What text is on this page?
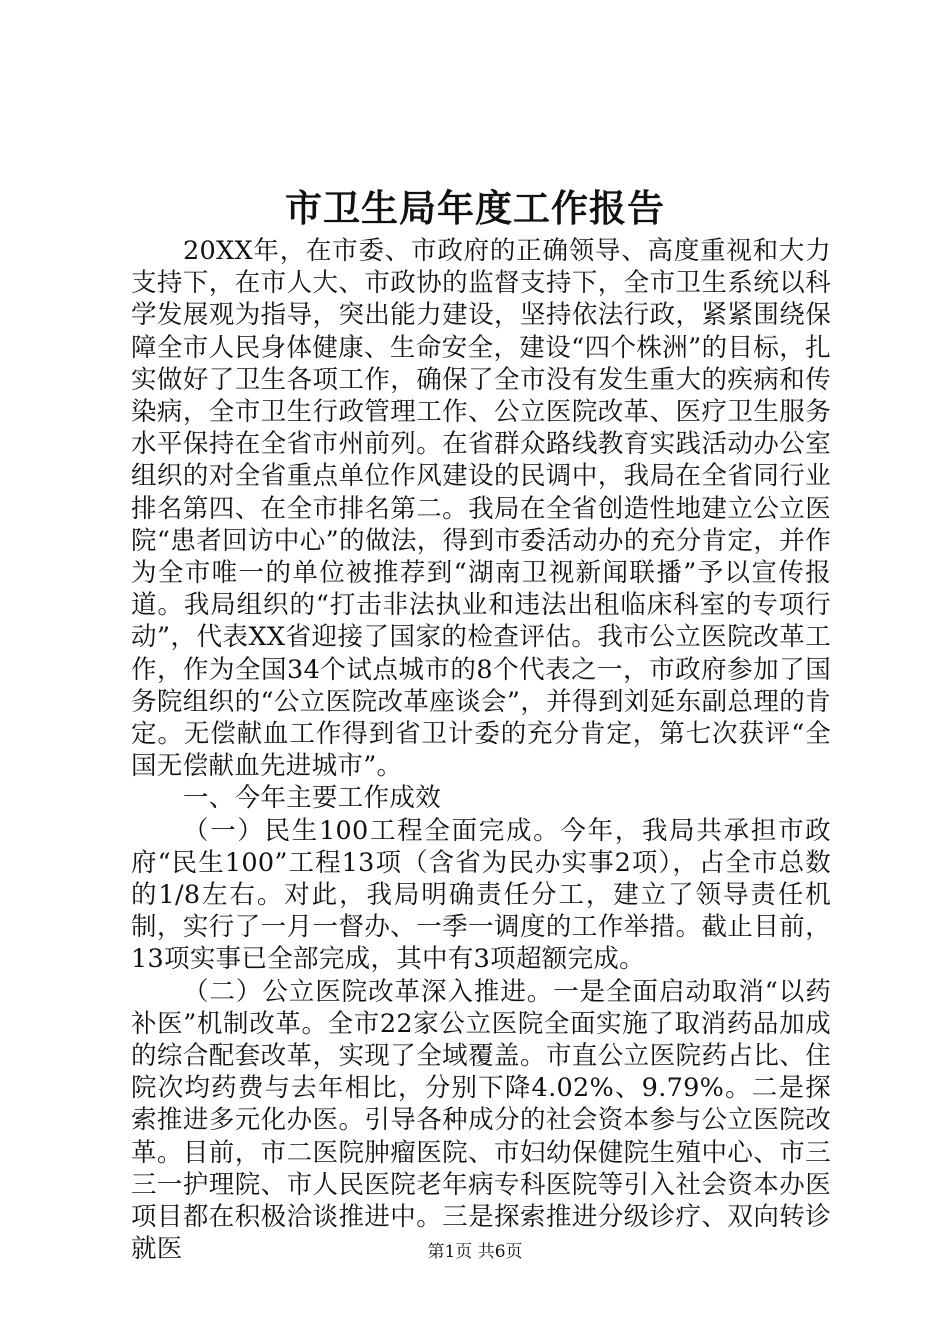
市卫生局年度工作报告

20XX年，在市委、市政府的正确领导、高度重视和大力支持下，在市人大、市政协的监督支持下，全市卫生系统以科学发展观为指导，突出能力建设，坚持依法行政，紧紧围绕保障全市人民身体健康、生命安全，建设“四个株洲”的目标，扎实做好了卫生各项工作，确保了全市没有发生重大的疾病和传染病，全市卫生行政管理工作、公立医院改革、医疗卫生服务水平保持在全省市州前列。在省群众路线教育实践活动办公室组织的对全省重点单位作风建设的民调中，我局在全省同行业排名第四、在全市排名第二。我局在全省创造性地建立公立医院“患者回访中心”的做法，得到市委活动办的充分肯定，并作为全市唯一的单位被推荐到“湖南卫视新闻联播”予以宣传报道。我局组织的“打击非法执业和违法出租临床科室的专项行动”，代表XX省迎接了国家的检查评估。我市公立医院改革工作，作为全国34个试点城市的8个代表之一，市政府参加了国务院组织的“公立医院改革座谈会”，并得到刘延东副总理的肯定。无偿献血工作得到省卫计委的充分肯定，第七次获评“全国无偿献血先进城市”。

一、今年主要工作成效

（一）民生100工程全面完成。今年，我局共承担市政府“民生100”工程13项（含省为民办实事2项），占全市总数的1/8左右。对此，我局明确责任分工，建立了领导责任机制，实行了一月一督办、一季一调度的工作举措。截止目前，13项实事已全部完成，其中有3项超额完成。

（二）公立医院改革深入推进。一是全面启动取消“以药补医”机制改革。全市22家公立医院全面实施了取消药品加成的综合配套改革，实现了全域覆盖。市直公立医院药占比、住院次均药费与去年相比，分别下降4.02%、9.79%。二是探索推进多元化办医。引导各种成分的社会资本参与公立医院改革。目前，市二医院肿瘤医院、市妇幼保健院生殖中心、市三三一护理院、市人民医院老年病专科医院等引入社会资本办医项目都在积极洽谈推进中。三是探索推进分级诊疗、双向转诊就医	第1页 共6页
